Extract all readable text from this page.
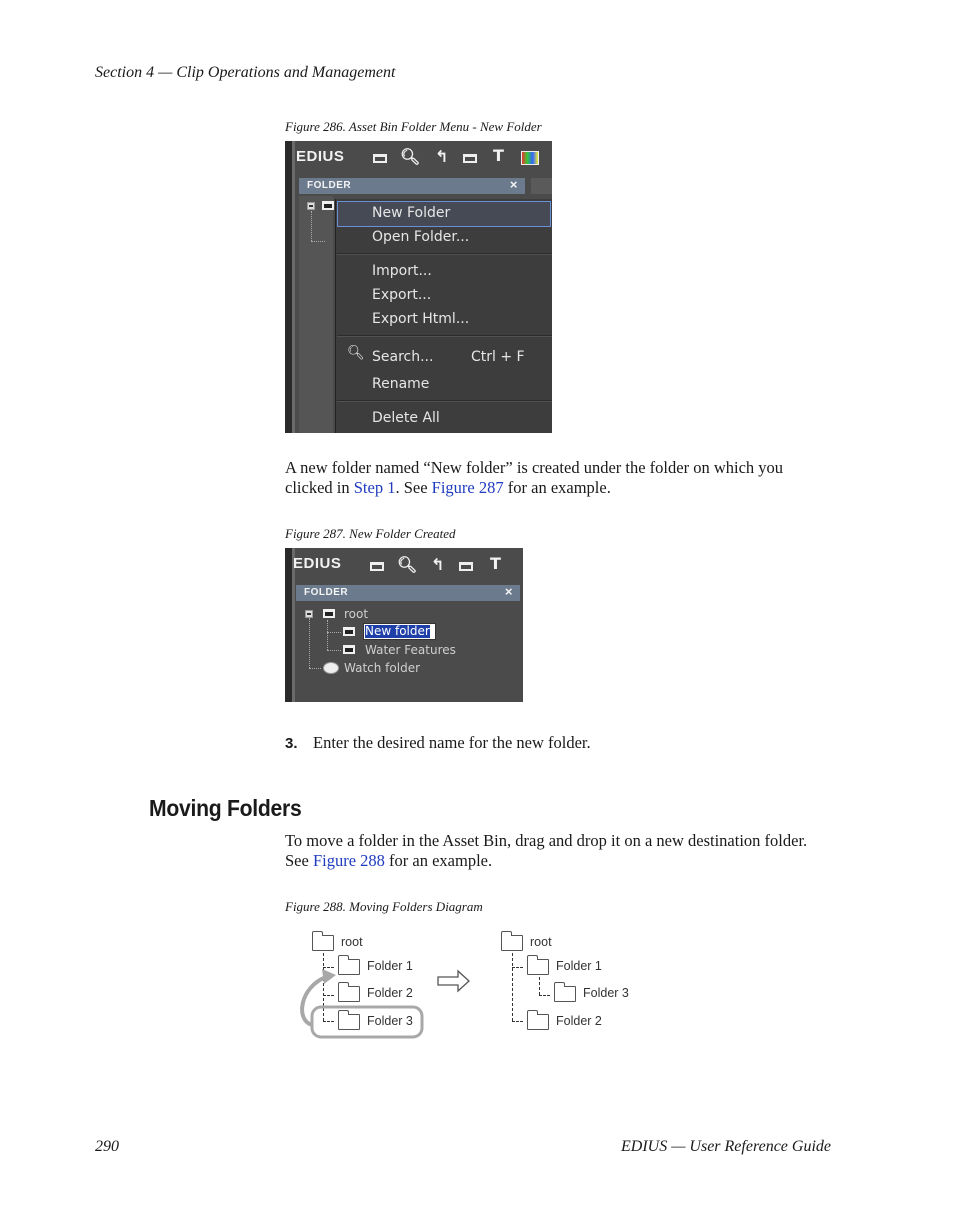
Section 4 — Clip Operations and Management
Figure 286. Asset Bin Folder Menu - New Folder
EDIUS	🔍︎ ↰	T
FOLDER	×
New Folder
Open Folder...
Import...
Export...
Export Html...
🔍︎ Search...	Ctrl + F
Rename
Delete All
A new folder named “New folder” is created under the folder on which you clicked in Step 1. See Figure 287 for an example.
Figure 287. New Folder Created
EDIUS	🔍︎ ↰	T
FOLDER	×
root
New folder
Water Features
Watch folder
3. Enter the desired name for the new folder.
Moving Folders
To move a folder in the Asset Bin, drag and drop it on a new destination folder. See Figure 288 for an example.
Figure 288. Moving Folders Diagram
root
Folder 1
Folder 2
Folder 3
root
Folder 1
Folder 3
Folder 2
290	EDIUS — User Reference Guide
